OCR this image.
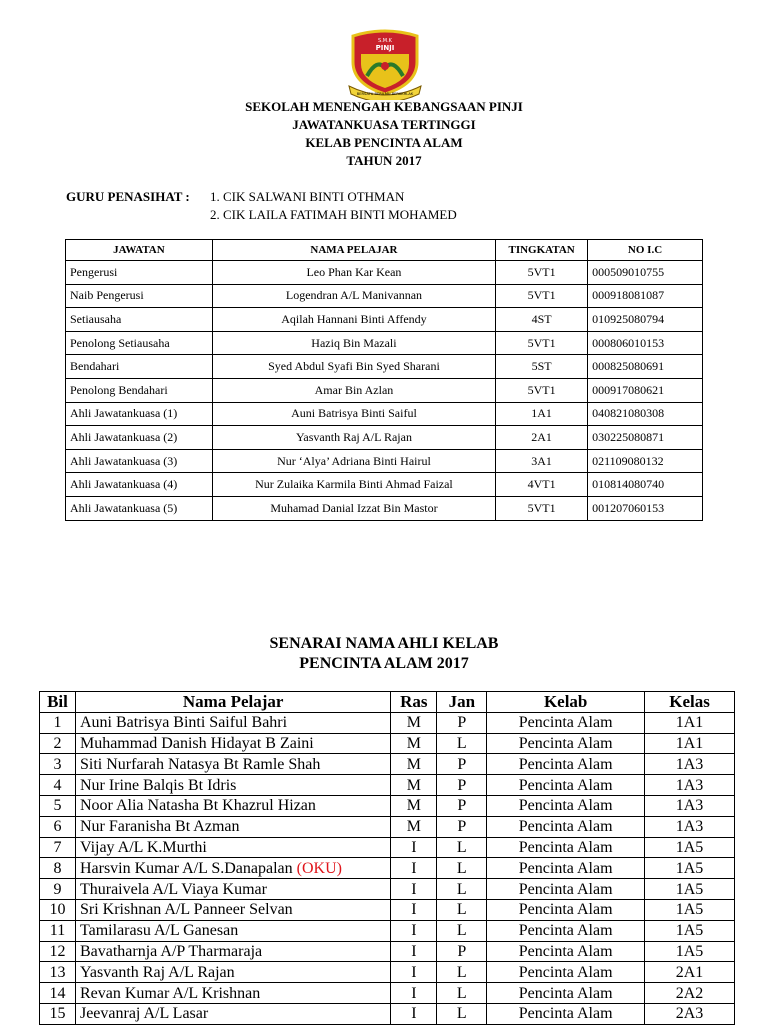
S.M.K
PINJI
BERSATU BERILMU BERAKHLAK
SEKOLAH MENENGAH KEBANGSAAN PINJI
JAWATANKUASA TERTINGGI
KELAB PENCINTA ALAM
TAHUN 2017
GURU PENASIHAT : 1. CIK SALWANI BINTI OTHMAN
2. CIK LAILA FATIMAH BINTI MOHAMED
JAWATAN	NAMA PELAJAR	TINGKATAN	NO I.C
Pengerusi	Leo Phan Kar Kean	5VT1	000509010755
Naib Pengerusi	Logendran A/L Manivannan	5VT1	000918081087
Setiausaha	Aqilah Hannani Binti Affendy	4ST	010925080794
Penolong Setiausaha	Haziq Bin Mazali	5VT1	000806010153
Bendahari	Syed Abdul Syafi Bin Syed Sharani	5ST	000825080691
Penolong Bendahari	Amar Bin Azlan	5VT1	000917080621
Ahli Jawatankuasa (1)	Auni Batrisya Binti Saiful	1A1	040821080308
Ahli Jawatankuasa (2)	Yasvanth Raj A/L Rajan	2A1	030225080871
Ahli Jawatankuasa (3)	Nur ‘Alya’ Adriana Binti Hairul	3A1	021109080132
Ahli Jawatankuasa (4)	Nur Zulaika Karmila Binti Ahmad Faizal	4VT1	010814080740
Ahli Jawatankuasa (5)	Muhamad Danial Izzat Bin Mastor	5VT1	001207060153
SENARAI NAMA AHLI KELAB
PENCINTA ALAM 2017
Bil	Nama Pelajar	Ras	Jan	Kelab	Kelas
1	Auni Batrisya Binti Saiful Bahri	M	P	Pencinta Alam	1A1
2	Muhammad Danish Hidayat B Zaini	M	L	Pencinta Alam	1A1
3	Siti Nurfarah Natasya Bt Ramle Shah	M	P	Pencinta Alam	1A3
4	Nur Irine Balqis Bt Idris	M	P	Pencinta Alam	1A3
5	Noor Alia Natasha Bt Khazrul Hizan	M	P	Pencinta Alam	1A3
6	Nur Faranisha Bt Azman	M	P	Pencinta Alam	1A3
7	Vijay A/L K.Murthi	I	L	Pencinta Alam	1A5
8	Harsvin Kumar A/L S.Danapalan (OKU)	I	L	Pencinta Alam	1A5
9	Thuraivela A/L Viaya Kumar	I	L	Pencinta Alam	1A5
10	Sri Krishnan A/L Panneer Selvan	I	L	Pencinta Alam	1A5
11	Tamilarasu A/L Ganesan	I	L	Pencinta Alam	1A5
12	Bavatharnja A/P Tharmaraja	I	P	Pencinta Alam	1A5
13	Yasvanth Raj A/L Rajan	I	L	Pencinta Alam	2A1
14	Revan Kumar A/L Krishnan	I	L	Pencinta Alam	2A2
15	Jeevanraj A/L Lasar	I	L	Pencinta Alam	2A3
